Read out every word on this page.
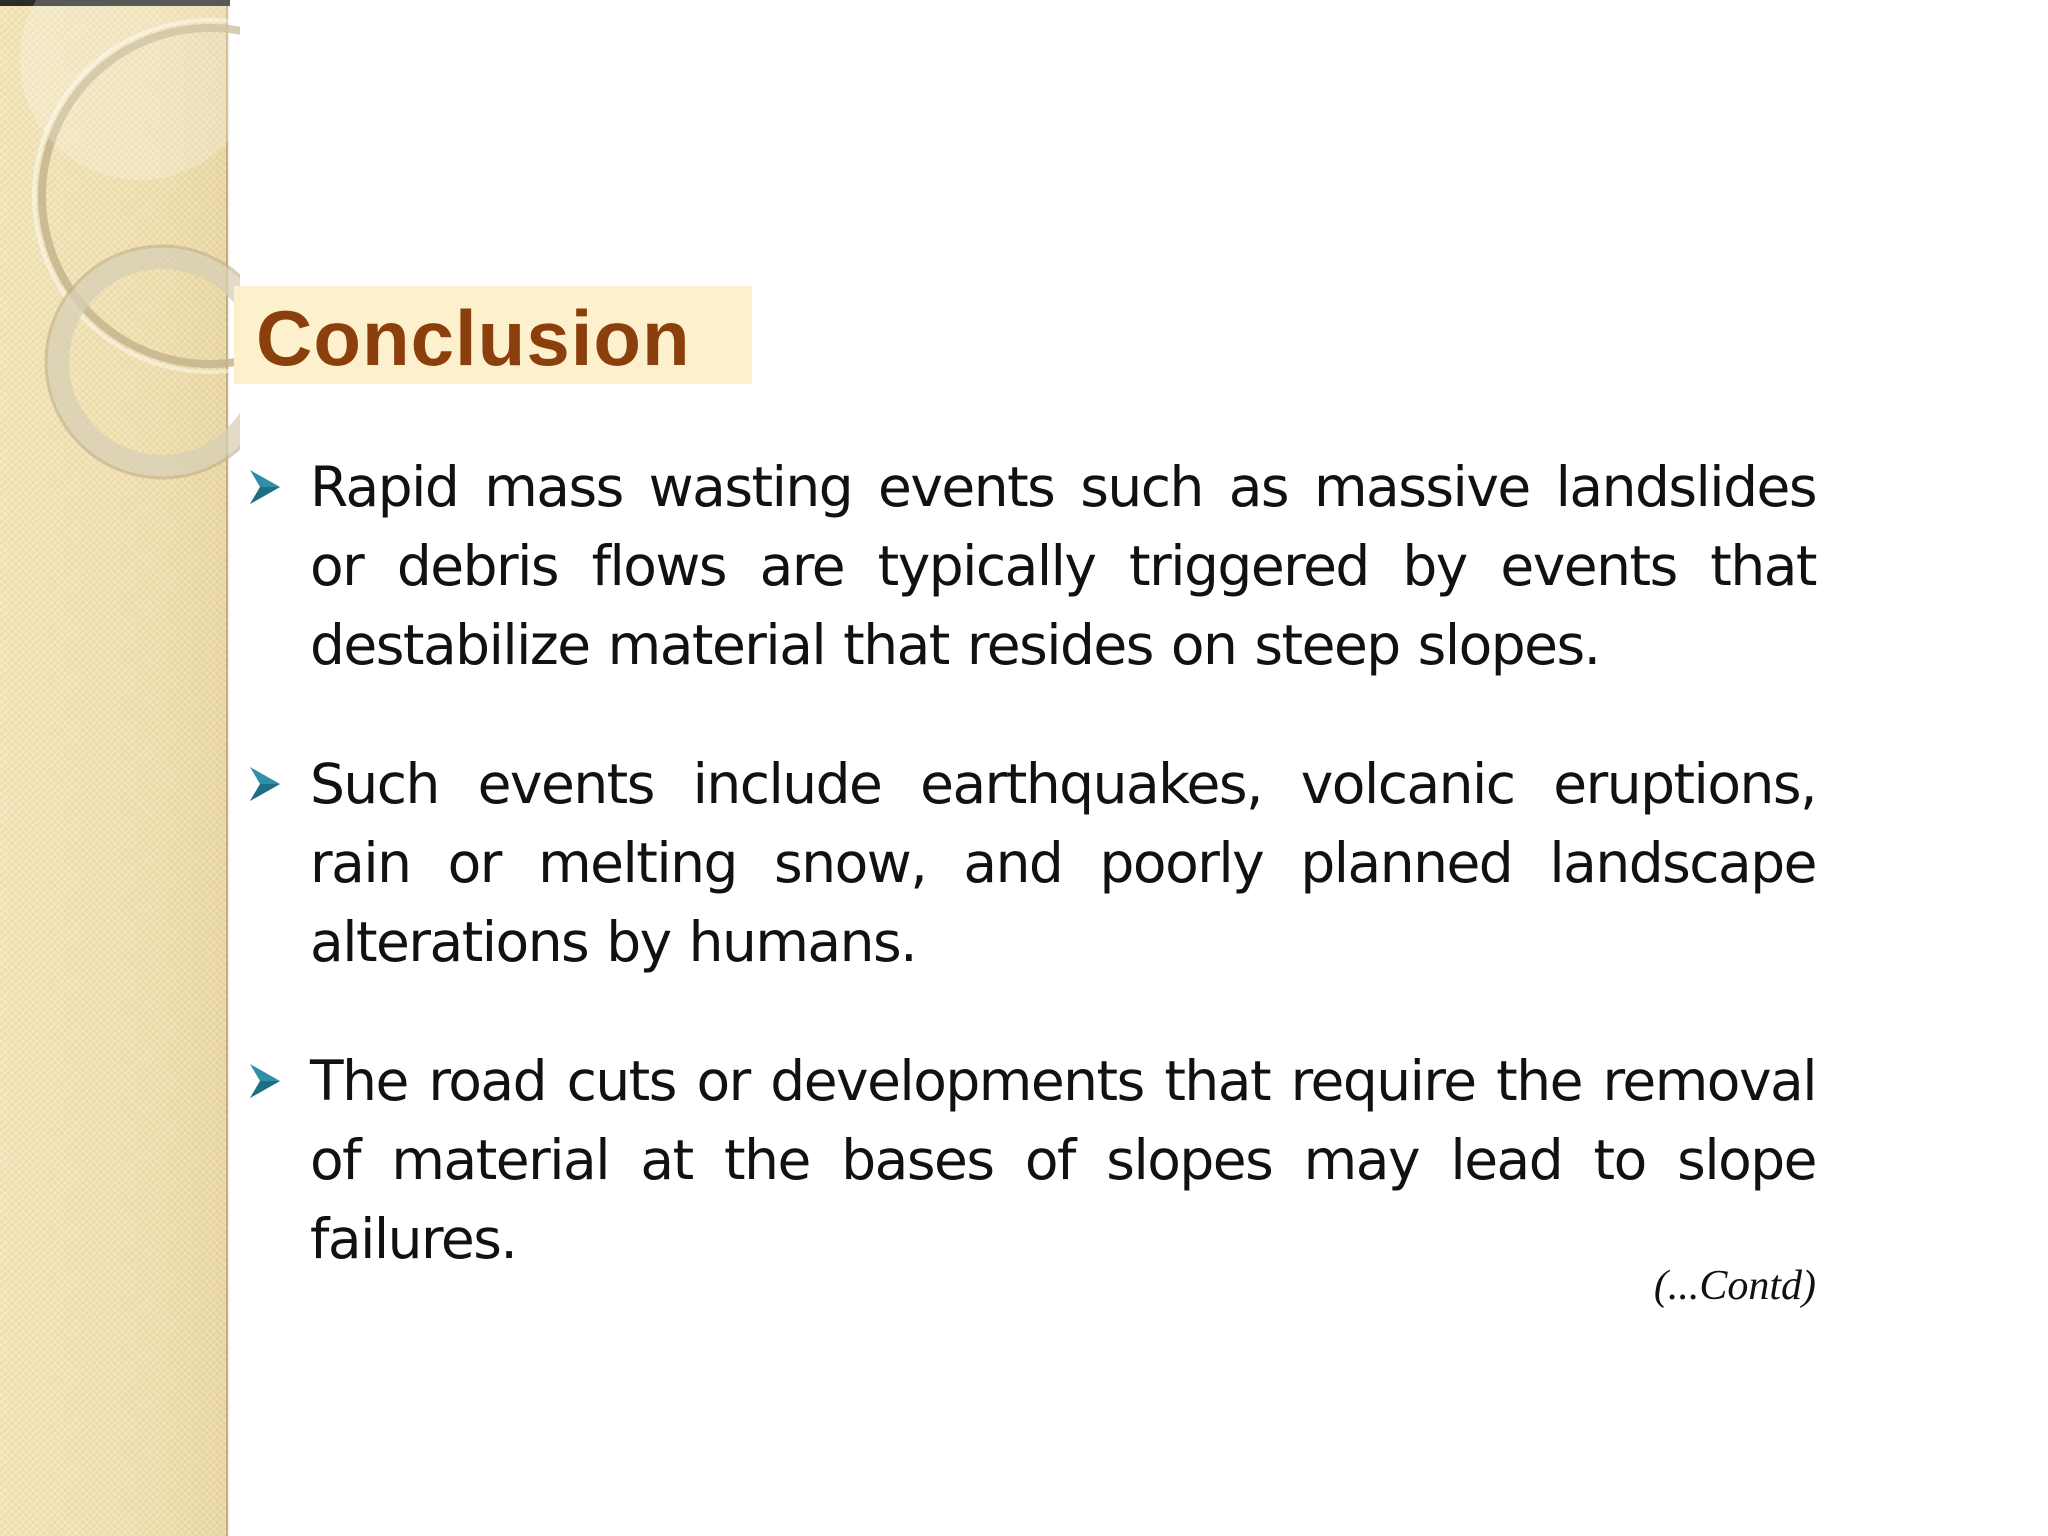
Conclusion
Rapid mass wasting events such as massive landslides or debris flows are typically triggered by events that destabilize material that resides on steep slopes.
Such events include earthquakes, volcanic eruptions, rain or melting snow, and poorly planned landscape alterations by humans.
The road cuts or developments that require the removal of material at the bases of slopes may lead to slope failures.
(...Contd)
